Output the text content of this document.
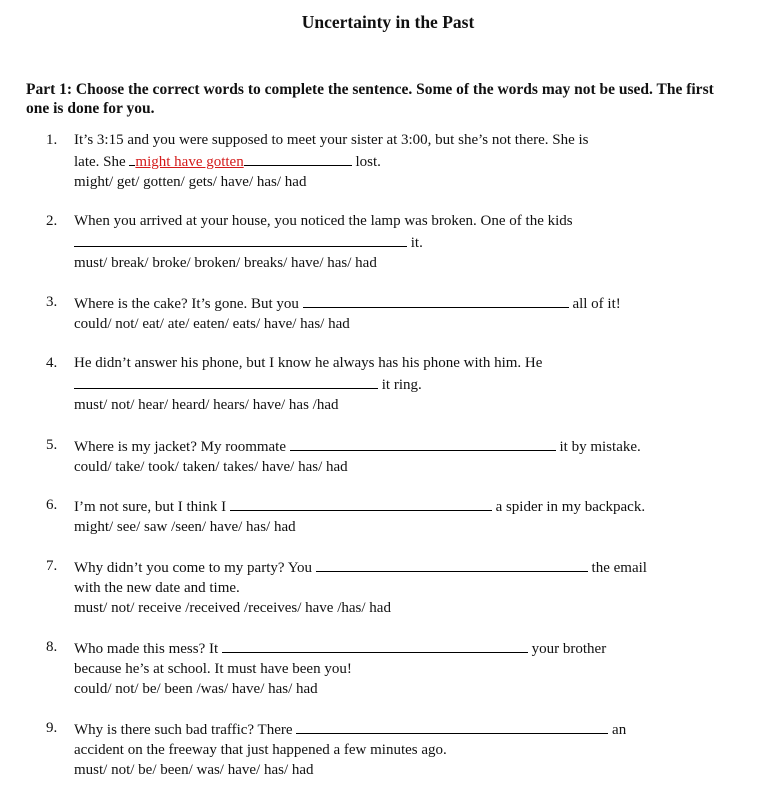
Uncertainty in the Past
Part 1: Choose the correct words to complete the sentence. Some of the words may not be used. The first one is done for you.
1.	It’s 3:15 and you were supposed to meet your sister at 3:00, but she’s not there. She is
late. She might have gotten	lost.
might/ get/ gotten/ gets/ have/ has/ had
2.	When you arrived at your house, you noticed the lamp was broken. One of the kids
it.
must/ break/ broke/ broken/ breaks/ have/ has/ had
3.	Where is the cake? It’s gone. But you	all of it!
could/ not/ eat/ ate/ eaten/ eats/ have/ has/ had
4.	He didn’t answer his phone, but I know he always has his phone with him. He
it ring.
must/ not/ hear/ heard/ hears/ have/ has /had
5.	Where is my jacket? My roommate	it by mistake.
could/ take/ took/ taken/ takes/ have/ has/ had
6.	I’m not sure, but I think I	a spider in my backpack.
might/ see/ saw /seen/ have/ has/ had
7.	Why didn’t you come to my party? You	the email
with the new date and time.
must/ not/ receive /received /receives/ have /has/ had
8.	Who made this mess? It	your brother
because he’s at school. It must have been you!
could/ not/ be/ been /was/ have/ has/ had
9.	Why is there such bad traffic? There	an
accident on the freeway that just happened a few minutes ago.
must/ not/ be/ been/ was/ have/ has/ had
